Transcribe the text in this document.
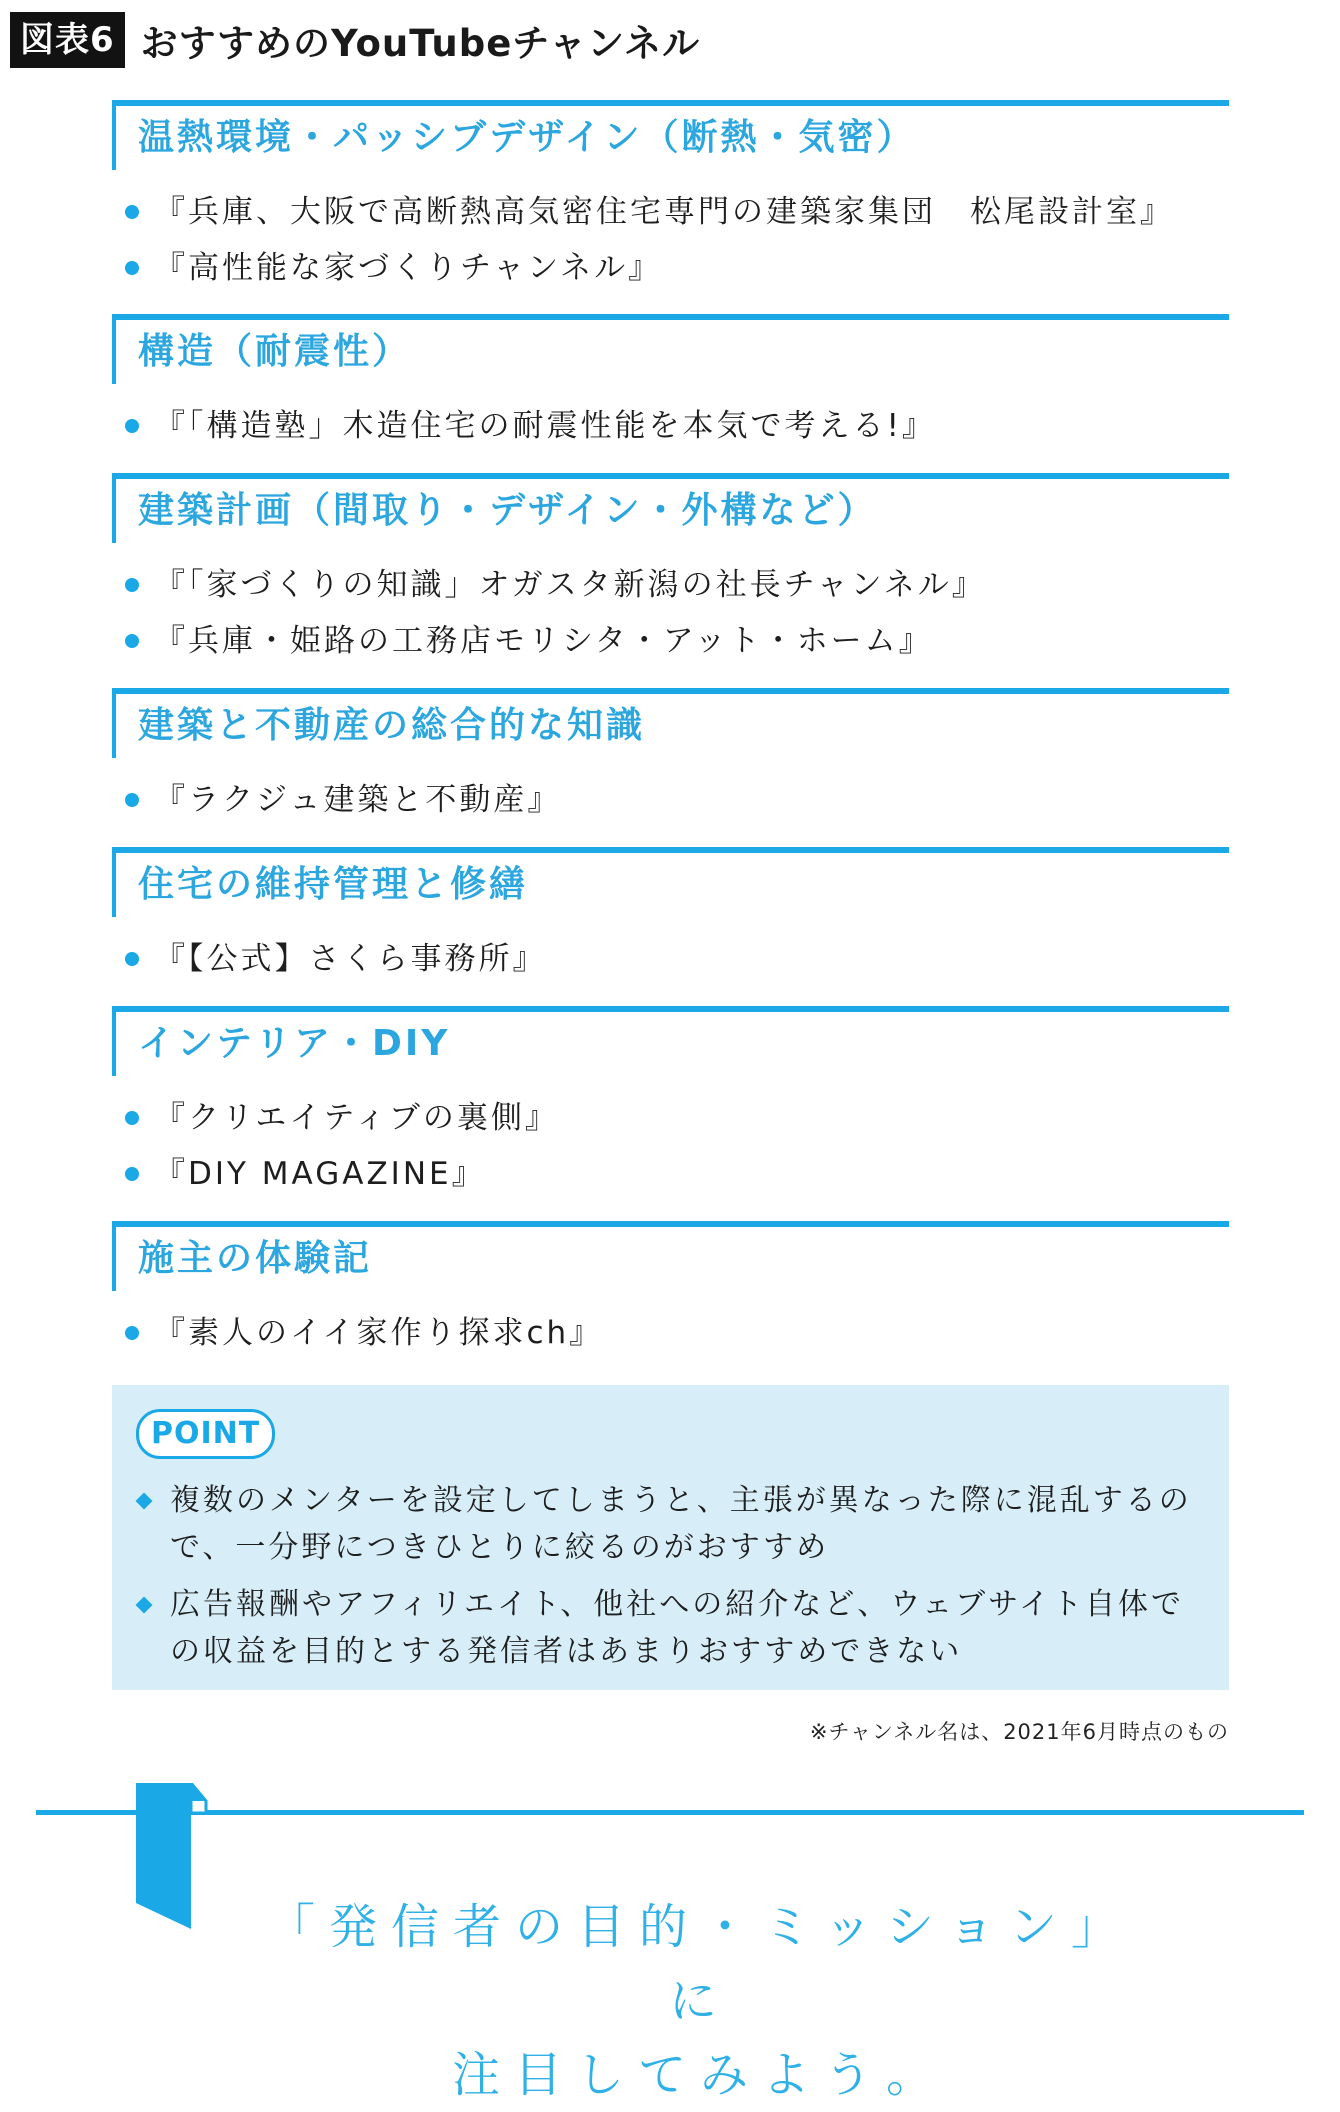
図表6 おすすめのYouTubeチャンネル
温熱環境・パッシブデザイン（断熱・気密）
『兵庫、大阪で高断熱高気密住宅専門の建築家集団　松尾設計室』
『高性能な家づくりチャンネル』
構造（耐震性）
『「構造塾」木造住宅の耐震性能を本気で考える!』
建築計画（間取り・デザイン・外構など）
『「家づくりの知識」オガスタ新潟の社長チャンネル』
『兵庫・姫路の工務店モリシタ・アット・ホーム』
建築と不動産の総合的な知識
『ラクジュ建築と不動産』
住宅の維持管理と修繕
『【公式】さくら事務所』
インテリア・DIY
『クリエイティブの裏側』
『DIY MAGAZINE』
施主の体験記
『素人のイイ家作り探求ch』
POINT
複数のメンターを設定してしまうと、主張が異なった際に混乱するので、一分野につきひとりに絞るのがおすすめ
広告報酬やアフィリエイト、他社への紹介など、ウェブサイト自体での収益を目的とする発信者はあまりおすすめできない
※チャンネル名は、2021年6月時点のもの
「発信者の目的・ミッション」に
注目してみよう。
